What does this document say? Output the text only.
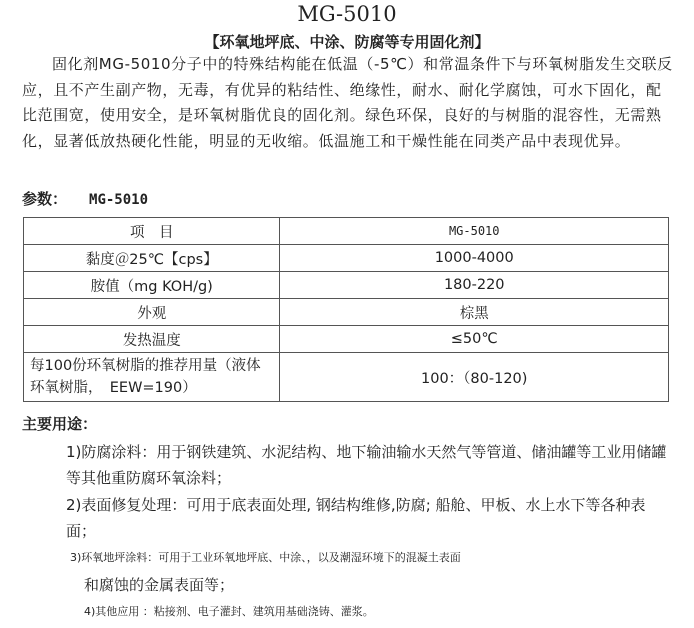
MG-5010
【环氧地坪底、中涂、防腐等专用固化剂】
固化剂MG-5010分子中的特殊结构能在低温（-5℃）和常温条件下与环氧树脂发生交联反应，且不产生副产物，无毒，有优异的粘结性、绝缘性，耐水、耐化学腐蚀，可水下固化，配比范围宽，使用安全，是环氧树脂优良的固化剂。绿色环保，良好的与树脂的混容性，无需熟化，显著低放热硬化性能，明显的无收缩。低温施工和干燥性能在同类产品中表现优异。
参数： MG-5010
项　目	MG-5010
黏度＠25℃【cps】	1000-4000
胺值（mg KOH/g)	180-220
外观	棕黑
发热温度	≤50℃

每100份环氧树脂的推荐用量（液体环氧树脂，　EEW=190）	100：（80-120)
主要用途：
1)防腐涂料：用于钢铁建筑、水泥结构、地下输油输水天然气等管道、储油罐等工业用储罐等其他重防腐环氧涂料；
2)表面修复处理：可用于底表面处理, 钢结构维修,防腐; 船舱、甲板、水上水下等各种表面；
3)环氧地坪涂料：可用于工业环氧地坪底、中涂、，以及潮湿环境下的混凝土表面
和腐蚀的金属表面等；
4)其他应用 ：粘接剂、电子灌封、建筑用基础浇铸、灌浆。
